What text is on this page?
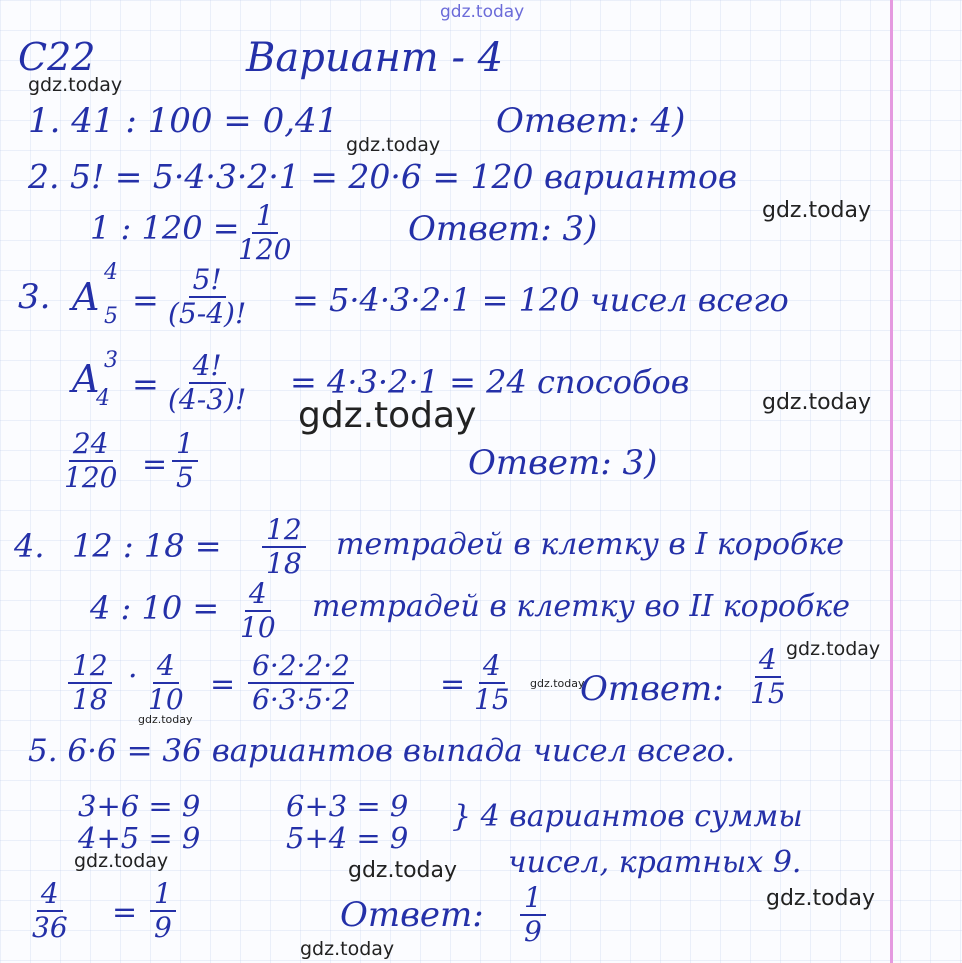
gdz.today

gdz.today

gdz.today

gdz.today

gdz.today	gdz.today

gdz.today

gdz.today

gdz.today

gdz.today	gdz.today

gdz.today

С22	Вариант - 4

1. 41 : 100 = 0,41	Ответ: 4)

2. 5! = 5·4·3·2·1 = 20·6 = 120 вариантов

1 : 120 =

$\frac{1}{120}$	Ответ: 3)

3. A

4

$5 = \frac{5!}{(5-4)!} = 5\cdot 4\cdot 3\cdot 2\cdot 1 = 120$ чисел всего

A 3

$4 = \frac{4!}{(4-3)!} = 4\cdot 3\cdot 2\cdot 1 = 24$ способов

$\frac{24}{120} = \frac{1}{5}$	Ответ: 3)

4. 12 : $18 = \frac{12}{18}$ тетрадей в клетку в I коробке

4 : $10 = \frac{4}{10}$ тетрадей в клетку во II коробке

$\frac{12}{18} \cdot \frac{4}{10} = \frac{6\cdot 2\cdot 2\cdot 2}{6\cdot 3\cdot 5\cdot 2}$	= $\frac{4}{15}$ Ответ: $\frac{4}{15}$

5. 6·6 = 36 вариантов выпада чисел всего.

3+6 = 9

4+5 = 9

6+3 = 9

5+4 = 9

} 4 вариантов суммы

чисел, кратных 9.

$\frac{4}{36} = \frac{1}{9}$	Ответ: $\frac{1}{9}$

gdz.today
